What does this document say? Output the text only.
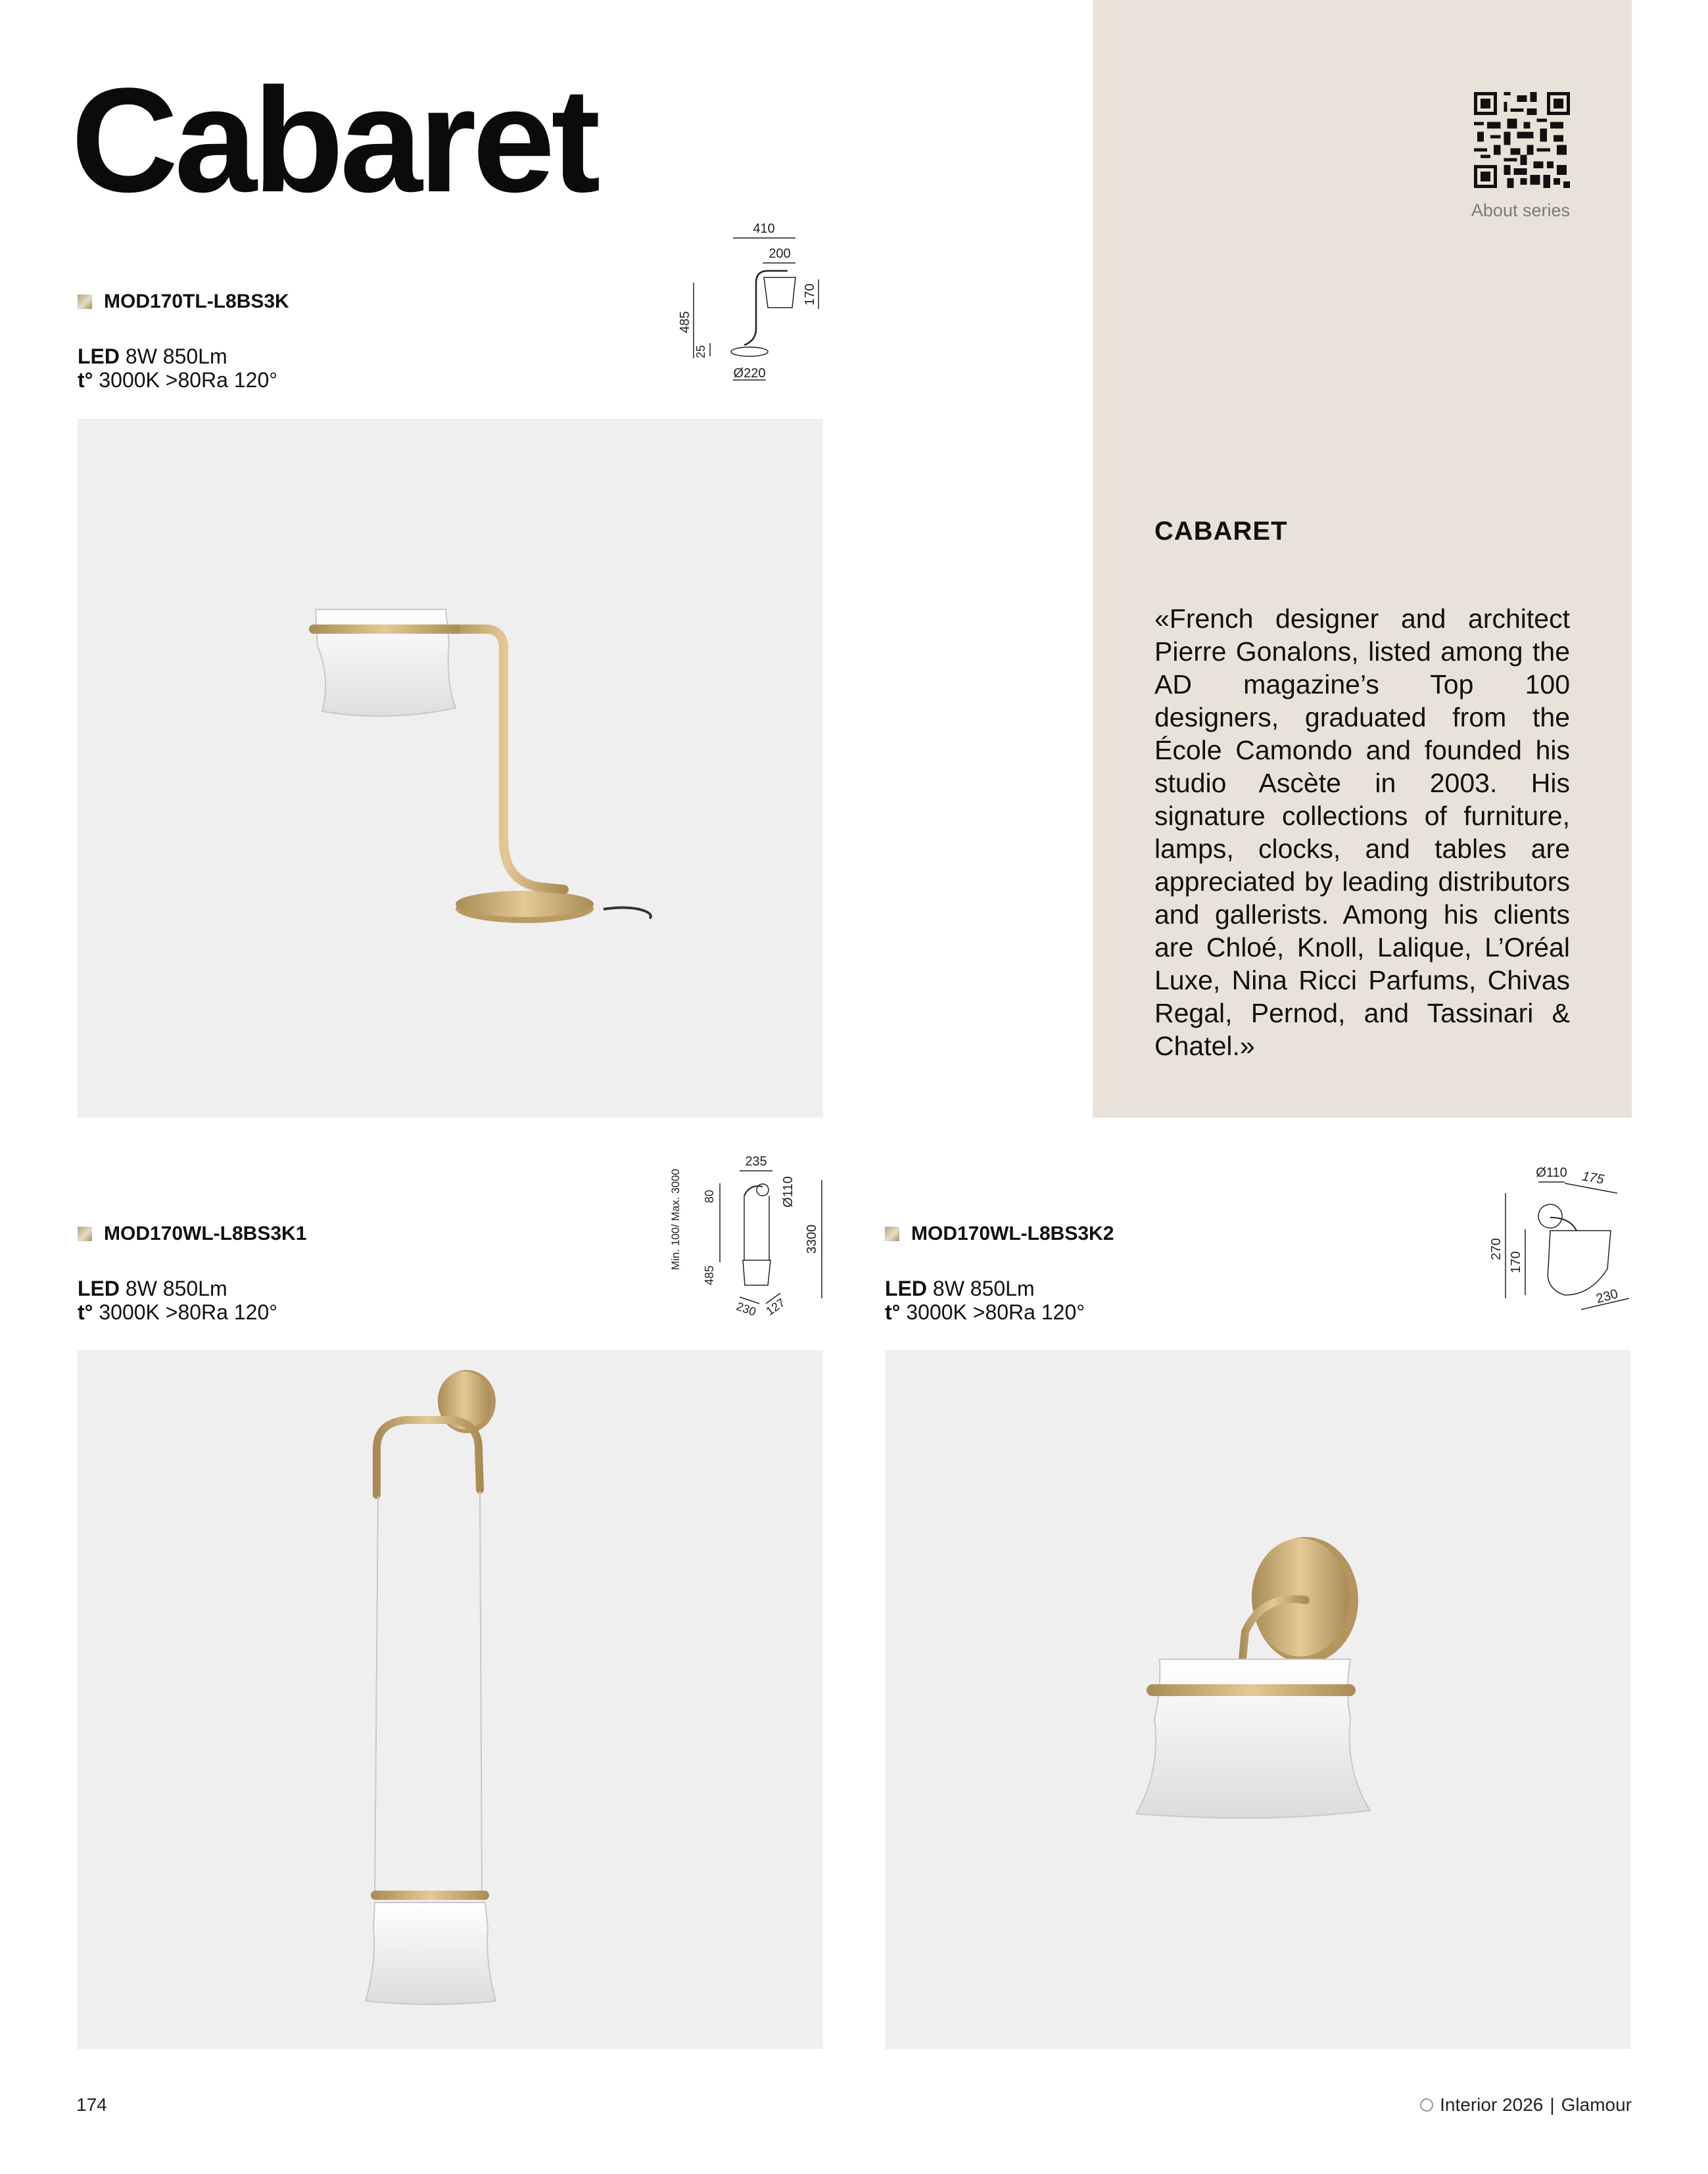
Cabaret	About series
CABARET
«French designer and architect Pierre Gonalons, listed among the AD magazine’s Top 100 designers, graduated from the École Camondo and founded his studio Ascète in 2003. His signature collections of furniture, lamps, clocks, and tables are appreciated by leading distributors and gallerists. Among his clients are Chloé, Knoll, Lalique, L’Oréal Luxe, Nina Ricci Parfums, Chivas Regal, Pernod, and Tassinari & Chatel.»
MOD170TL-L8BS3K
LED 8W 850Lm
t° 3000K >80Ra 120°
410
200
485
170
25
Ø220
MOD170WL-L8BS3K1
LED 8W 850Lm
t° 3000K >80Ra 120°
235
Ø110
Min. 100/ Max. 3000 80
3300
485
230 127
MOD170WL-L8BS3K2
LED 8W 850Lm
t° 3000K >80Ra 120°
Ø110 175
270
170
230
174	Interior 2026 | Glamour
